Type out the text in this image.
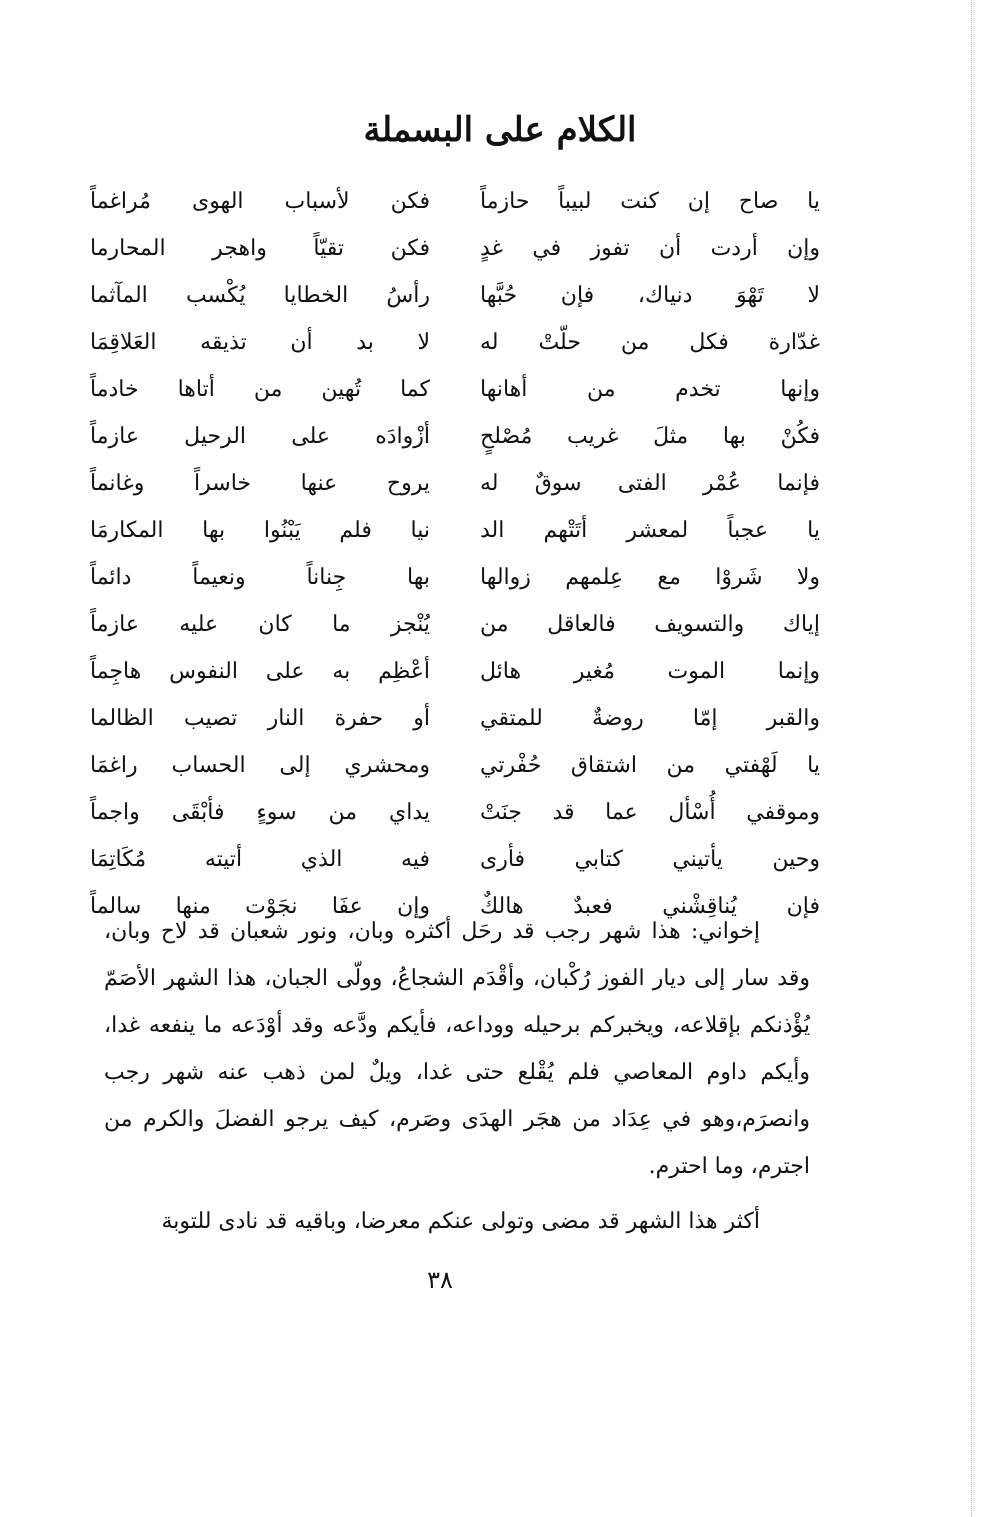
الكلام على البسملة
يا صاح إن كنت لبيباً حازماً
فكن لأسباب الهوى مُراغماً
وإن أردت أن تفوز في غدٍ
فكن تقيّاً واهجر المحارما
لا تَهْوَ دنياك، فإن حُبَّها
رأسُ الخطايا يُكْسب المآثما
غدّارة فكل من حلّتْ له
لا بد أن تذيقه العَلاقِمَا
وإنها تخدم من أهانها
كما تُهين من أتاها خادماً
فكُنْ بها مثلَ غريب مُصْلحٍ
أزْوادَه على الرحيل عازماً
فإنما عُمْر الفتى سوقٌ له
يروح عنها خاسراً وغانماً
يا عجباً لمعشر أتَتْهم الد
نيا فلم يَبْنُوا بها المكارمَا
ولا شَروْا مع عِلمهم زوالها
بها جِناناً ونعيماً دائماً
إياك والتسويف فالعاقل من
يُنْجز ما كان عليه عازماً
وإنما الموت مُغير هائل
أعْظِم به على النفوس هاجِماً
والقبر إمّا روضةٌ للمتقي
أو حفرة النار تصيب الظالما
يا لَهْفتي من اشتقاق حُفْرتي
ومحشري إلى الحساب راغمَا
وموقفي أُسْأل عما قد جنَتْ
يداي من سوءٍ فأبْقَى واجماً
وحين يأتيني كتابي فأرى
فيه الذي أتيته مُكَاتِمَا
فإن يُناقِشْني فعبدٌ هالكٌ
وإن عفَا نجَوْت منها سالماً

إخواني: هذا شهر رجب قد رحَل أكثره وبان، ونور شعبان قد لاح وبان، وقد سار إلى ديار الفوز رُكْبان، وأقْدَم الشجاعُ، وولّى الجبان، هذا الشهر الأصَمّ يُؤْذنكم بإقلاعه، ويخبركم برحيله ووداعه، فأيكم ودَّعه وقد أوْدَعه ما ينفعه غدا، وأيكم داوم المعاصي فلم يُقْلع حتى غدا، ويلٌ لمن ذهب عنه شهر رجب وانصرَم،وهو في عِدَاد من هجَر الهدَى وصَرم، كيف يرجو الفضلَ والكرم من اجترم، وما احترم.

أكثر هذا الشهر قد مضى وتولى عنكم معرضا، وباقيه قد نادى للتوبة

٣٨
